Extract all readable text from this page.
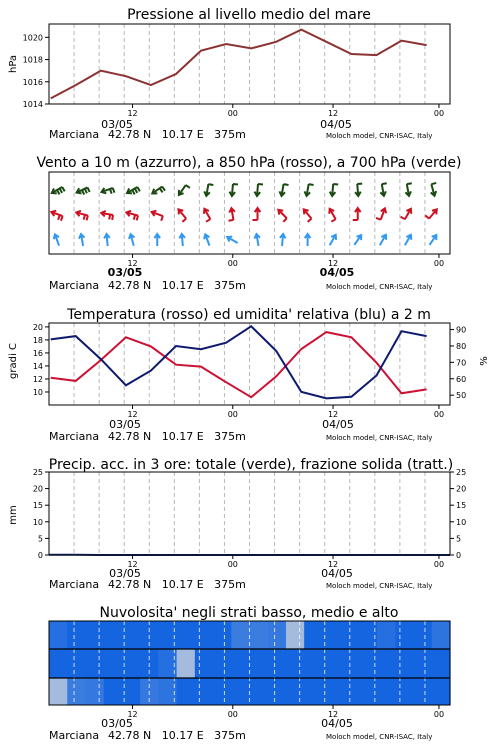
Pressione al livello medio del mare
1014
1016
1018
1020
hPa
12	00	12	00
03/05	04/05
Marciana 42.78 N   10.17 E   375m	Moloch model, CNR-ISAC, Italy
Vento a 10 m (azzurro), a 850 hPa (rosso), a 700 hPa (verde)
12	00	12	00
03/05	04/05
Marciana 42.78 N   10.17 E   375m	Moloch model, CNR-ISAC, Italy
Temperatura (rosso) ed umidita' relativa (blu) a 2 m
10
12
14
16
18
20
50
60
70
80
90
gradi C	%
12	00	12	00
03/05	04/05
Marciana 42.78 N   10.17 E   375m	Moloch model, CNR-ISAC, Italy
Precip. acc. in 3 ore: totale (verde), frazione solida (tratt.)
0
5
10
15
20
25
0
5
10
15
20
25
mm
12	00	12	00
03/05	04/05
Marciana 42.78 N   10.17 E   375m	Moloch model, CNR-ISAC, Italy
Nuvolosita' negli strati basso, medio e alto
12	00	12	00
03/05	04/05
Marciana 42.78 N   10.17 E   375m	Moloch model, CNR-ISAC, Italy
